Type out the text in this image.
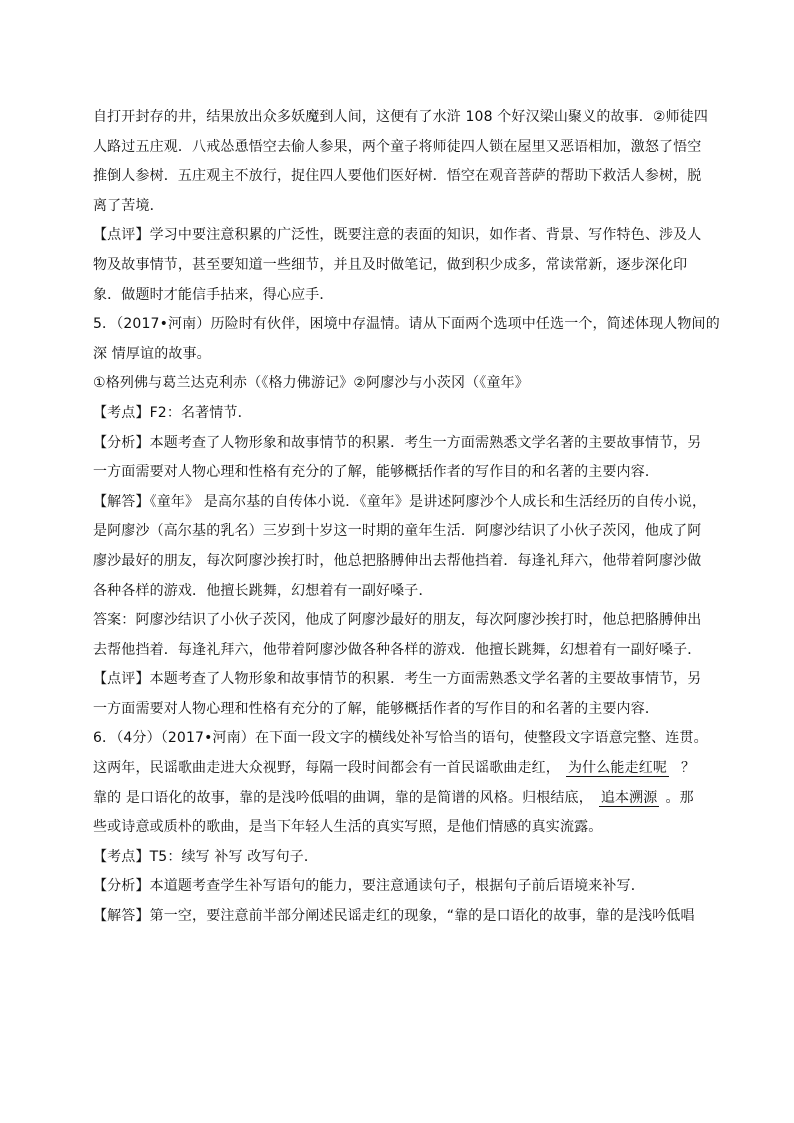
自打开封存的井，结果放出众多妖魔到人间，这便有了水浒 108 个好汉梁山聚义的故事．②师徒四
人路过五庄观．八戒怂恿悟空去偷人参果，两个童子将师徒四人锁在屋里又恶语相加，激怒了悟空
推倒人参树．五庄观主不放行，捉住四人要他们医好树．悟空在观音菩萨的帮助下救活人参树，脱
离了苦境．
【点评】学习中要注意积累的广泛性，既要注意的表面的知识，如作者、背景、写作特色、涉及人
物及故事情节，甚至要知道一些细节，并且及时做笔记，做到积少成多，常读常新，逐步深化印
象．做题时才能信手拈来，得心应手．
5．（2017•河南）历险时有伙伴，困境中存温情。请从下面两个选项中任选一个，简述体现人物间的
深 情厚谊的故事。
①格列佛与葛兰达克利赤（《格力佛游记》②阿廖沙与小茨冈（《童年》
【考点】F2：名著情节．
【分析】本题考查了人物形象和故事情节的积累．考生一方面需熟悉文学名著的主要故事情节，另
一方面需要对人物心理和性格有充分的了解，能够概括作者的写作目的和名著的主要内容．
【解答】《童年》 是高尔基的自传体小说．《童年》是讲述阿廖沙个人成长和生活经历的自传小说，
是阿廖沙（高尔基的乳名）三岁到十岁这一时期的童年生活．阿廖沙结识了小伙子茨冈，他成了阿
廖沙最好的朋友，每次阿廖沙挨打时，他总把胳膊伸出去帮他挡着．每逢礼拜六，他带着阿廖沙做
各种各样的游戏．他擅长跳舞，幻想着有一副好嗓子．
答案：阿廖沙结识了小伙子茨冈，他成了阿廖沙最好的朋友，每次阿廖沙挨打时，他总把胳膊伸出
去帮他挡着．每逢礼拜六，他带着阿廖沙做各种各样的游戏．他擅长跳舞，幻想着有一副好嗓子．
【点评】本题考查了人物形象和故事情节的积累．考生一方面需熟悉文学名著的主要故事情节，另
一方面需要对人物心理和性格有充分的了解，能够概括作者的写作目的和名著的主要内容．
6．（4分）（2017•河南）在下面一段文字的横线处补写恰当的语句，使整段文字语意完整、连贯。
这两年，民谣歌曲走进大众视野，每隔一段时间都会有一首民谣歌曲走红， 为什么能走红呢 ？
靠的 是口语化的故事，靠的是浅吟低唱的曲调，靠的是简谱的风格。归根结底， 追本溯源 。那
些或诗意或质朴的歌曲，是当下年轻人生活的真实写照，是他们情感的真实流露。
【考点】T5：续写 补写 改写句子．
【分析】本道题考查学生补写语句的能力，要注意通读句子，根据句子前后语境来补写．
【解答】第一空，要注意前半部分阐述民谣走红的现象，“靠的是口语化的故事，靠的是浅吟低唱
